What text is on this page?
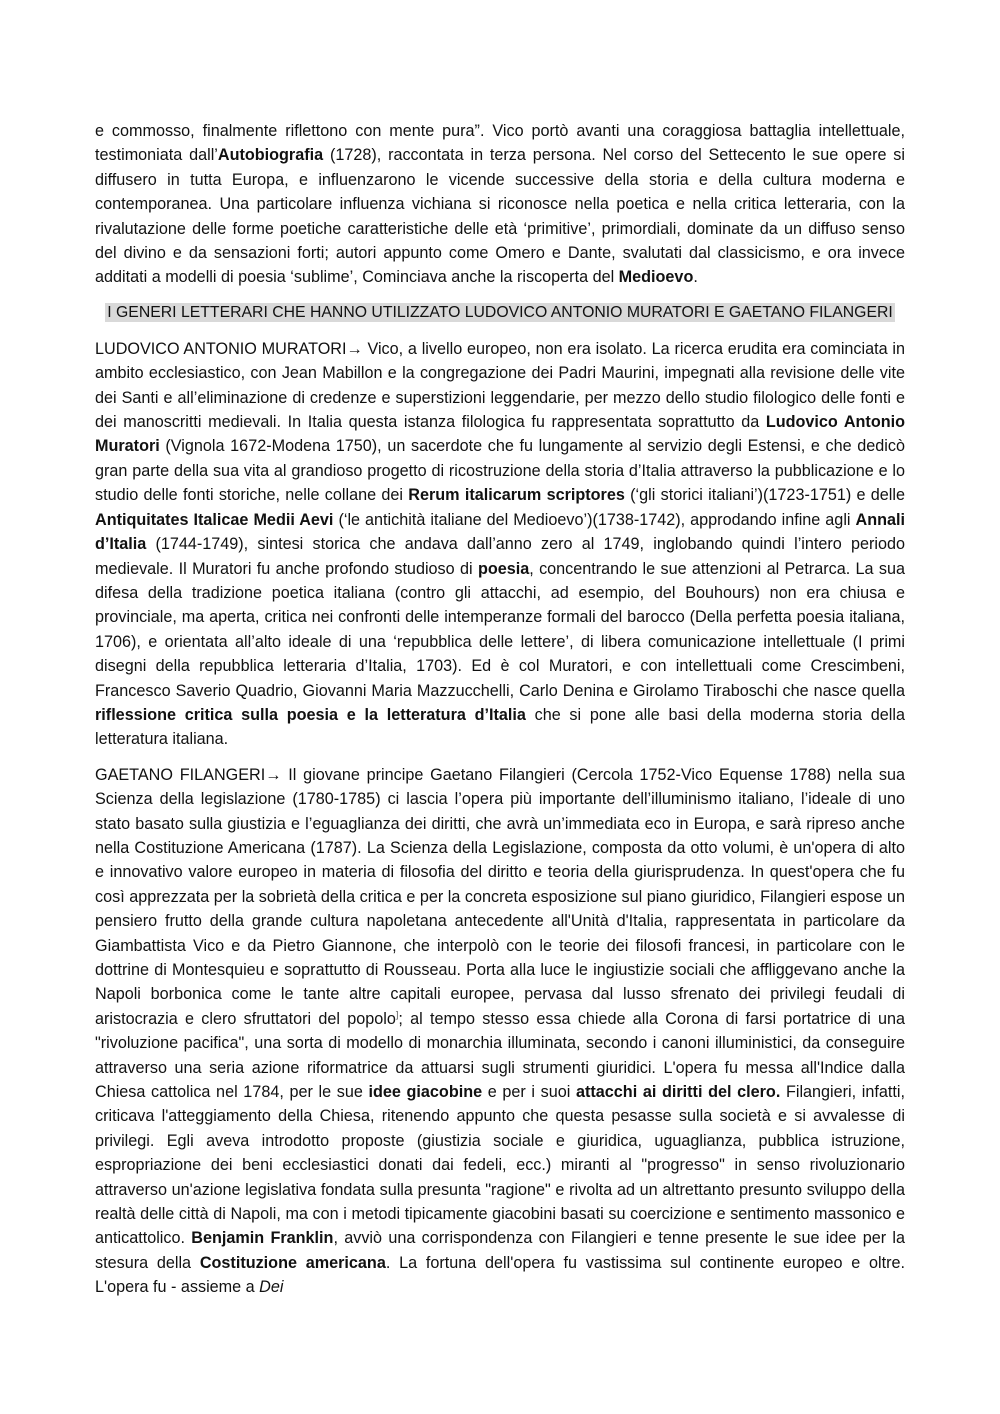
e commosso, finalmente riflettono con mente pura”. Vico portò avanti una coraggiosa battaglia intellettuale, testimoniata dall’Autobiografia (1728), raccontata in terza persona. Nel corso del Settecento le sue opere si diffusero in tutta Europa, e influenzarono le vicende successive della storia e della cultura moderna e contemporanea. Una particolare influenza vichiana si riconosce nella poetica e nella critica letteraria, con la rivalutazione delle forme poetiche caratteristiche delle età ‘primitive’, primordiali, dominate da un diffuso senso del divino e da sensazioni forti; autori appunto come Omero e Dante, svalutati dal classicismo, e ora invece additati a modelli di poesia ‘sublime’, Cominciava anche la riscoperta del Medioevo.

I GENERI LETTERARI CHE HANNO UTILIZZATO LUDOVICO ANTONIO MURATORI E GAETANO FILANGERI

LUDOVICO ANTONIO MURATORI→ Vico, a livello europeo, non era isolato. La ricerca erudita era cominciata in ambito ecclesiastico, con Jean Mabillon e la congregazione dei Padri Maurini, impegnati alla revisione delle vite dei Santi e all’eliminazione di credenze e superstizioni leggendarie, per mezzo dello studio filologico delle fonti e dei manoscritti medievali. In Italia questa istanza filologica fu rappresentata soprattutto da Ludovico Antonio Muratori (Vignola 1672-Modena 1750), un sacerdote che fu lungamente al servizio degli Estensi, e che dedicò gran parte della sua vita al grandioso progetto di ricostruzione della storia d’Italia attraverso la pubblicazione e lo studio delle fonti storiche, nelle collane dei Rerum italicarum scriptores (‘gli storici italiani’)(1723-1751) e delle Antiquitates Italicae Medii Aevi (‘le antichità italiane del Medioevo’)(1738-1742), approdando infine agli Annali d’Italia (1744-1749), sintesi storica che andava dall’anno zero al 1749, inglobando quindi l’intero periodo medievale. Il Muratori fu anche profondo studioso di poesia, concentrando le sue attenzioni al Petrarca. La sua difesa della tradizione poetica italiana (contro gli attacchi, ad esempio, del Bouhours) non era chiusa e provinciale, ma aperta, critica nei confronti delle intemperanze formali del barocco (Della perfetta poesia italiana, 1706), e orientata all’alto ideale di una ‘repubblica delle lettere’, di libera comunicazione intellettuale (I primi disegni della repubblica letteraria d’Italia, 1703). Ed è col Muratori, e con intellettuali come Crescimbeni, Francesco Saverio Quadrio, Giovanni Maria Mazzucchelli, Carlo Denina e Girolamo Tiraboschi che nasce quella riflessione critica sulla poesia e la letteratura d’Italia che si pone alle basi della moderna storia della letteratura italiana.

GAETANO FILANGERI→ Il giovane principe Gaetano Filangieri (Cercola 1752-Vico Equense 1788) nella sua Scienza della legislazione (1780-1785) ci lascia l’opera più importante dell’illuminismo italiano, l’ideale di uno stato basato sulla giustizia e l’eguaglianza dei diritti, che avrà un’immediata eco in Europa, e sarà ripreso anche nella Costituzione Americana (1787). La Scienza della Legislazione, composta da otto volumi, è un'opera di alto e innovativo valore europeo in materia di filosofia del diritto e teoria della giurisprudenza. In quest'opera che fu così apprezzata per la sobrietà della critica e per la concreta esposizione sul piano giuridico, Filangieri espose un pensiero frutto della grande cultura napoletana antecedente all'Unità d'Italia, rappresentata in particolare da Giambattista Vico e da Pietro Giannone, che interpolò con le teorie dei filosofi francesi, in particolare con le dottrine di Montesquieu e soprattutto di Rousseau. Porta alla luce le ingiustizie sociali che affliggevano anche la Napoli borbonica come le tante altre capitali europee, pervasa dal lusso sfrenato dei privilegi feudali di aristocrazia e clero sfruttatori del popolo]; al tempo stesso essa chiede alla Corona di farsi portatrice di una "rivoluzione pacifica", una sorta di modello di monarchia illuminata, secondo i canoni illuministici, da conseguire attraverso una seria azione riformatrice da attuarsi sugli strumenti giuridici. L'opera fu messa all'Indice dalla Chiesa cattolica nel 1784, per le sue idee giacobine e per i suoi attacchi ai diritti del clero. Filangieri, infatti, criticava l'atteggiamento della Chiesa, ritenendo appunto che questa pesasse sulla società e si avvalesse di privilegi. Egli aveva introdotto proposte (giustizia sociale e giuridica, uguaglianza, pubblica istruzione, espropriazione dei beni ecclesiastici donati dai fedeli, ecc.) miranti al "progresso" in senso rivoluzionario attraverso un'azione legislativa fondata sulla presunta "ragione" e rivolta ad un altrettanto presunto sviluppo della realtà delle città di Napoli, ma con i metodi tipicamente giacobini basati su coercizione e sentimento massonico e anticattolico. Benjamin Franklin, avviò una corrispondenza con Filangieri e tenne presente le sue idee per la stesura della Costituzione americana. La fortuna dell'opera fu vastissima sul continente europeo e oltre. L'opera fu - assieme a Dei
